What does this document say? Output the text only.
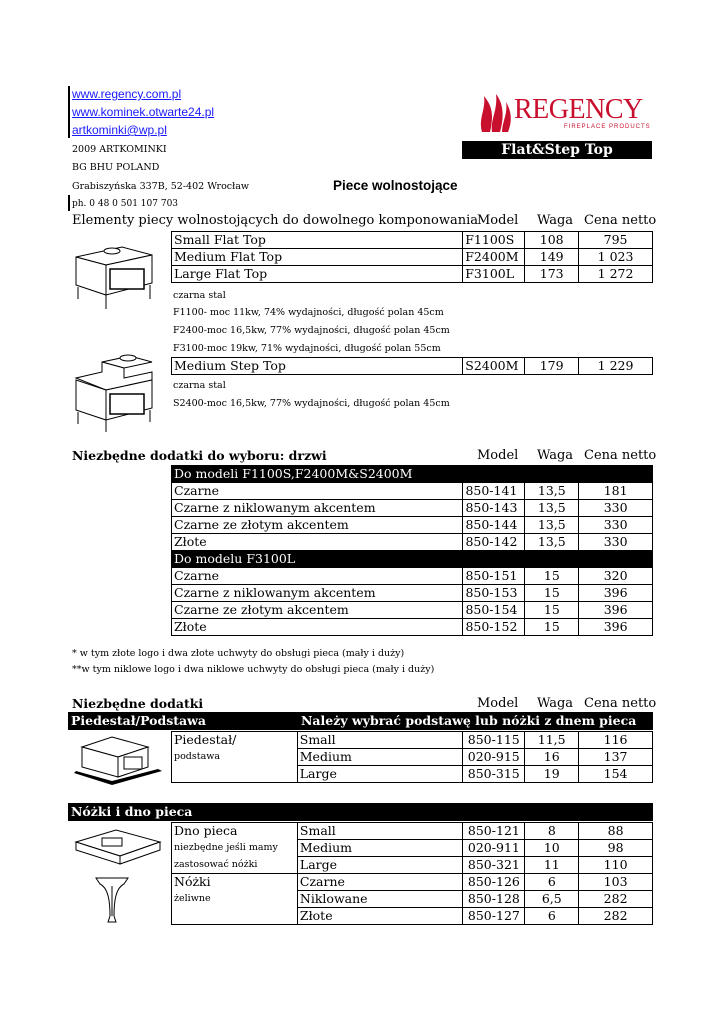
www.regency.com.pl
www.kominek.otwarte24.pl
artkominki@wp.pl
2009 ARTKOMINKI
BG BHU POLAND
Grabiszyńska 337B, 52-402 Wrocław
ph. 0 48 0 501 107 703
REGENCY
FIREPLACE PRODUCTS
Flat&Step Top
Piece wolnostojące
Elementy piecy wolnostojących do dowolnego komponowania
Model Waga Cena netto
Small Flat Top	F1100S	108	795
Medium Flat Top	F2400M	149	1 023
Large Flat Top	F3100L	173	1 272
czarna stal
F1100- moc 11kw, 74% wydajności, długość polan 45cm
F2400-moc 16,5kw, 77% wydajności, długość polan 45cm
F3100-moc 19kw, 71% wydajności, długość polan 55cm
Medium Step Top	S2400M	179	1 229
czarna stal
S2400-moc 16,5kw, 77% wydajności, długość polan 45cm
Niezbędne dodatki do wyboru: drzwi	Model Waga Cena netto
Do modeli F1100S,F2400M&S2400M			
Czarne	850-141	13,5	181
Czarne z niklowanym akcentem	850-143	13,5	330
Czarne ze złotym akcentem	850-144	13,5	330
Złote	850-142	13,5	330
Do modelu F3100L			
Czarne	850-151	15	320
Czarne z niklowanym akcentem	850-153	15	396
Czarne ze złotym akcentem	850-154	15	396
Złote	850-152	15	396
* w tym złote logo i dwa złote uchwyty do obsługi pieca (mały i duży)
**w tym niklowe logo i dwa niklowe uchwyty do obsługi pieca (mały i duży)
Niezbędne dodatki	Model Waga Cena netto
Piedestał/Podstawa	Należy wybrać podstawę lub nóżki z dnem pieca
Piedestał/	Small	850-115	11,5	116
podstawa	Medium	020-915	16	137
	Large	850-315	19	154
Nóżki i dno pieca
Dno pieca	Small	850-121	8	88
niezbędne jeśli mamy	Medium	020-911	10	98
zastosować nóżki	Large	850-321	11	110
Nóżki	Czarne	850-126	6	103
żeliwne	Niklowane	850-128	6,5	282
	Złote	850-127	6	282
